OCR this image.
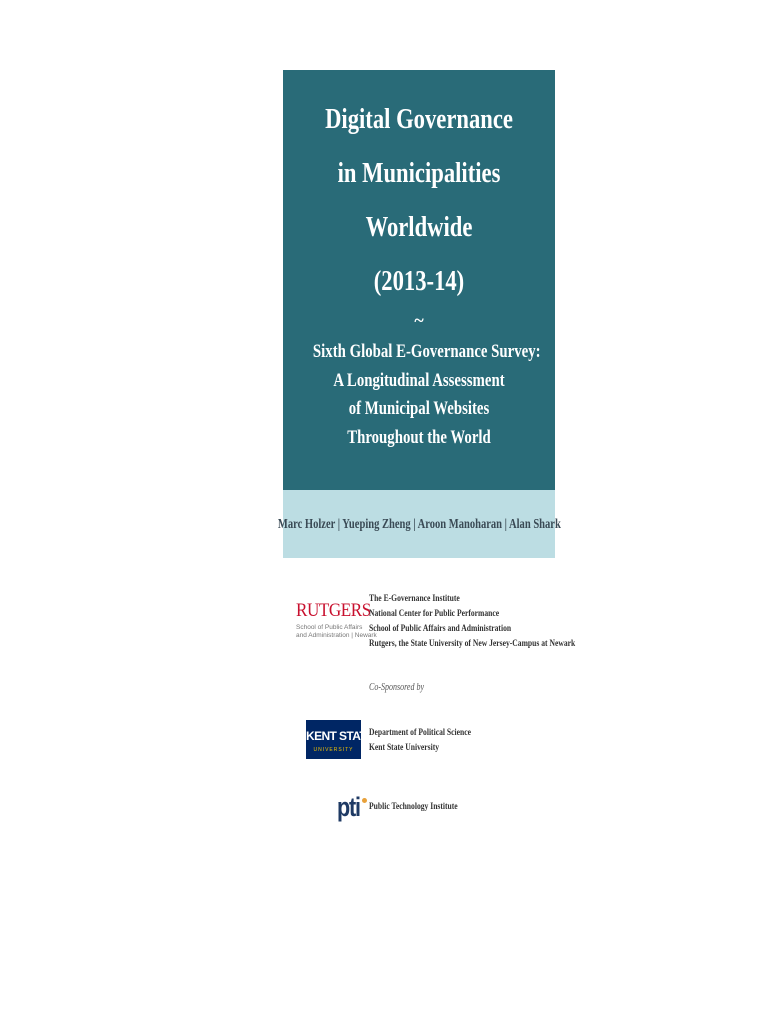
Digital Governance
in Municipalities
Worldwide
(2013-14)
~
Sixth Global E-Governance Survey:
A Longitudinal Assessment
of Municipal Websites
Throughout the World
Marc Holzer | Yueping Zheng | Aroon Manoharan | Alan Shark
RUTGERS
School of Public Affairs
and Administration | Newark
The E-Governance Institute
National Center for Public Performance
School of Public Affairs and Administration
Rutgers, the State University of New Jersey-Campus at Newark
Co-Sponsored by
KENT STATE
UNIVERSITY
Department of Political Science
Kent State University
pti Public Technology Institute
